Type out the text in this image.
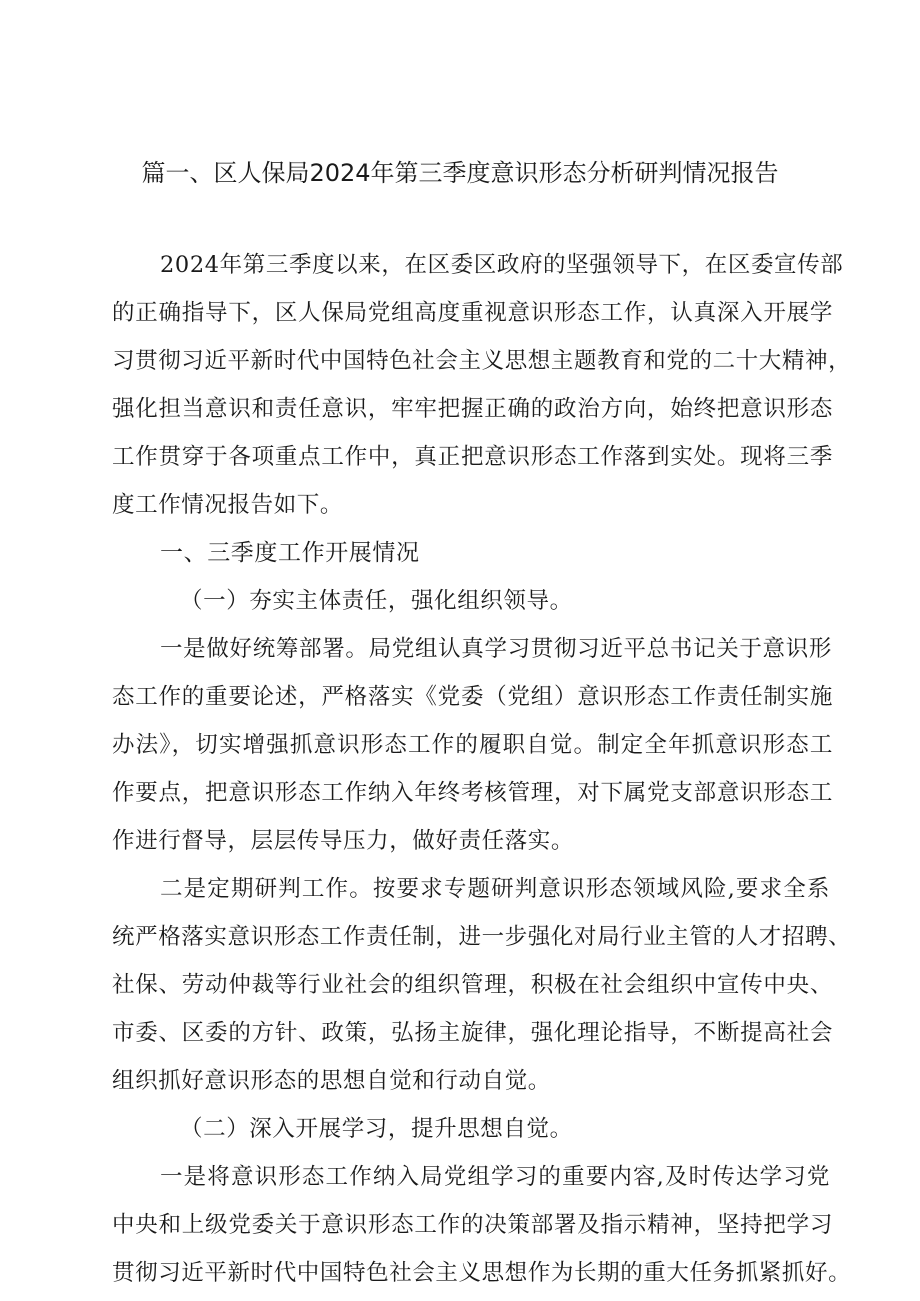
篇一、区人保局2024年第三季度意识形态分析研判情况报告
2024年第三季度以来，在区委区政府的坚强领导下，在区委宣传部
的正确指导下，区人保局党组高度重视意识形态工作，认真深入开展学
习贯彻习近平新时代中国特色社会主义思想主题教育和党的二十大精神，
强化担当意识和责任意识，牢牢把握正确的政治方向，始终把意识形态
工作贯穿于各项重点工作中，真正把意识形态工作落到实处。现将三季
度工作情况报告如下。
一、三季度工作开展情况
（一）夯实主体责任，强化组织领导。
一是做好统筹部署。局党组认真学习贯彻习近平总书记关于意识形
态工作的重要论述，严格落实《党委（党组）意识形态工作责任制实施
办法》，切实增强抓意识形态工作的履职自觉。制定全年抓意识形态工
作要点，把意识形态工作纳入年终考核管理，对下属党支部意识形态工
作进行督导，层层传导压力，做好责任落实。
二是定期研判工作。按要求专题研判意识形态领域风险,要求全系
统严格落实意识形态工作责任制，进一步强化对局行业主管的人才招聘、
社保、劳动仲裁等行业社会的组织管理，积极在社会组织中宣传中央、
市委、区委的方针、政策，弘扬主旋律，强化理论指导，不断提高社会
组织抓好意识形态的思想自觉和行动自觉。
（二）深入开展学习，提升思想自觉。
一是将意识形态工作纳入局党组学习的重要内容,及时传达学习党
中央和上级党委关于意识形态工作的决策部署及指示精神，坚持把学习
贯彻习近平新时代中国特色社会主义思想作为长期的重大任务抓紧抓好。
